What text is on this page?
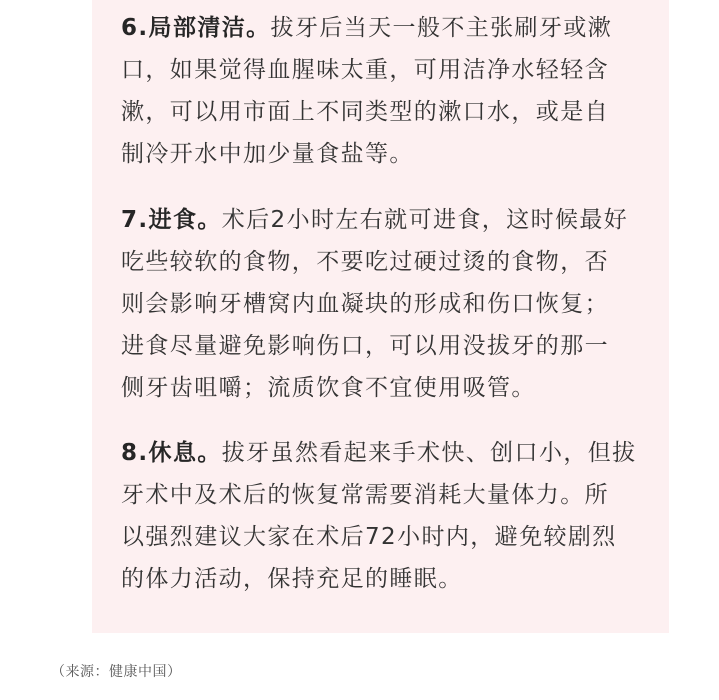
6.局部清洁。拔牙后当天一般不主张刷牙或漱
口，如果觉得血腥味太重，可用洁净水轻轻含
漱，可以用市面上不同类型的漱口水，或是自
制冷开水中加少量食盐等。
7.进食。术后2小时左右就可进食，这时候最好
吃些较软的食物，不要吃过硬过烫的食物，否
则会影响牙槽窝内血凝块的形成和伤口恢复；
进食尽量避免影响伤口，可以用没拔牙的那一
侧牙齿咀嚼；流质饮食不宜使用吸管。
8.休息。拔牙虽然看起来手术快、创口小，但拔
牙术中及术后的恢复常需要消耗大量体力。所
以强烈建议大家在术后72小时内，避免较剧烈
的体力活动，保持充足的睡眠。
（来源：健康中国）
